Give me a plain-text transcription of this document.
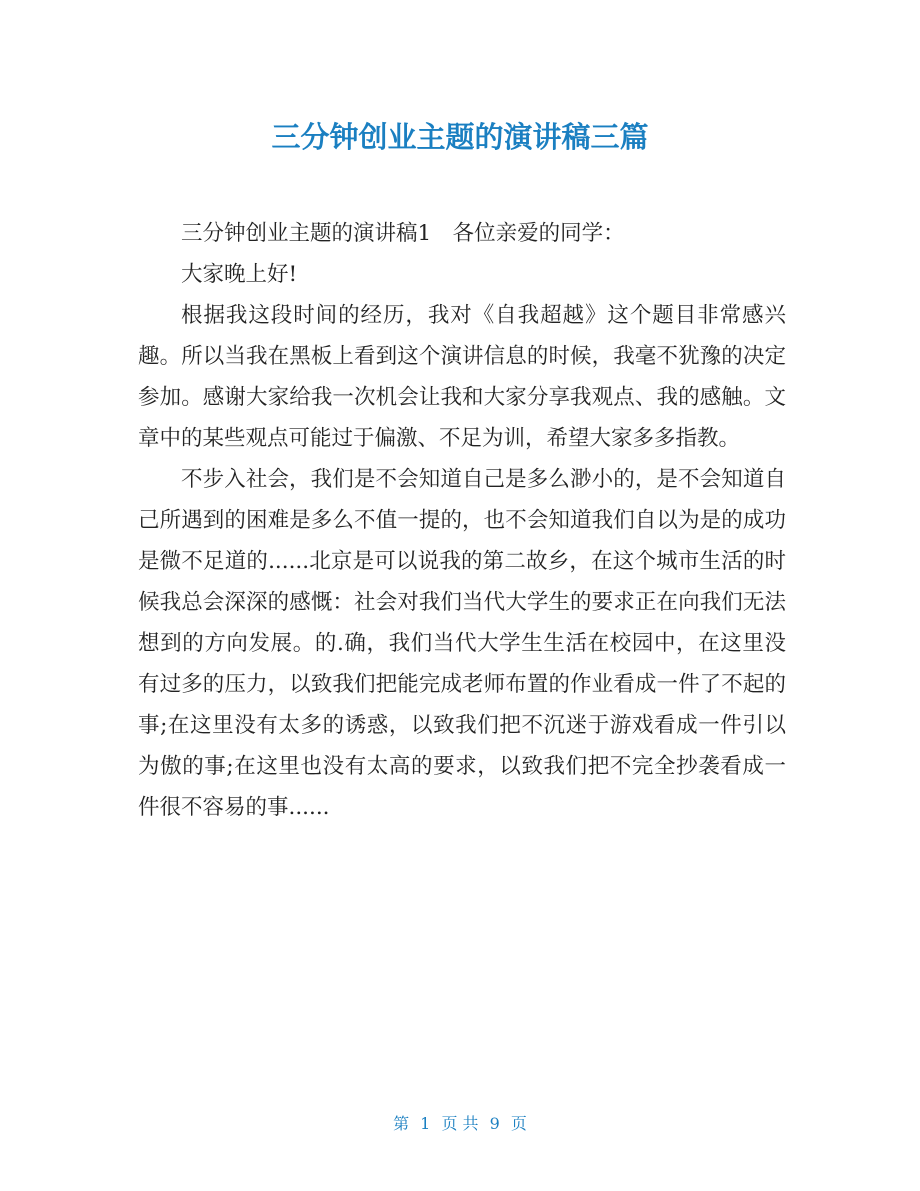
三分钟创业主题的演讲稿三篇

三分钟创业主题的演讲稿1　各位亲爱的同学：

大家晚上好!

根据我这段时间的经历，我对《自我超越》这个题目非常感兴趣。所以当我在黑板上看到这个演讲信息的时候，我毫不犹豫的决定参加。感谢大家给我一次机会让我和大家分享我观点、我的感触。文章中的某些观点可能过于偏激、不足为训，希望大家多多指教。

不步入社会，我们是不会知道自己是多么渺小的，是不会知道自己所遇到的困难是多么不值一提的，也不会知道我们自以为是的成功是微不足道的......北京是可以说我的第二故乡，在这个城市生活的时候我总会深深的感慨：社会对我们当代大学生的要求正在向我们无法想到的方向发展。的.确，我们当代大学生生活在校园中，在这里没有过多的压力，以致我们把能完成老师布置的作业看成一件了不起的事;在这里没有太多的诱惑，以致我们把不沉迷于游戏看成一件引以为傲的事;在这里也没有太高的要求，以致我们把不完全抄袭看成一件很不容易的事......

第 1 页 共 9 页
